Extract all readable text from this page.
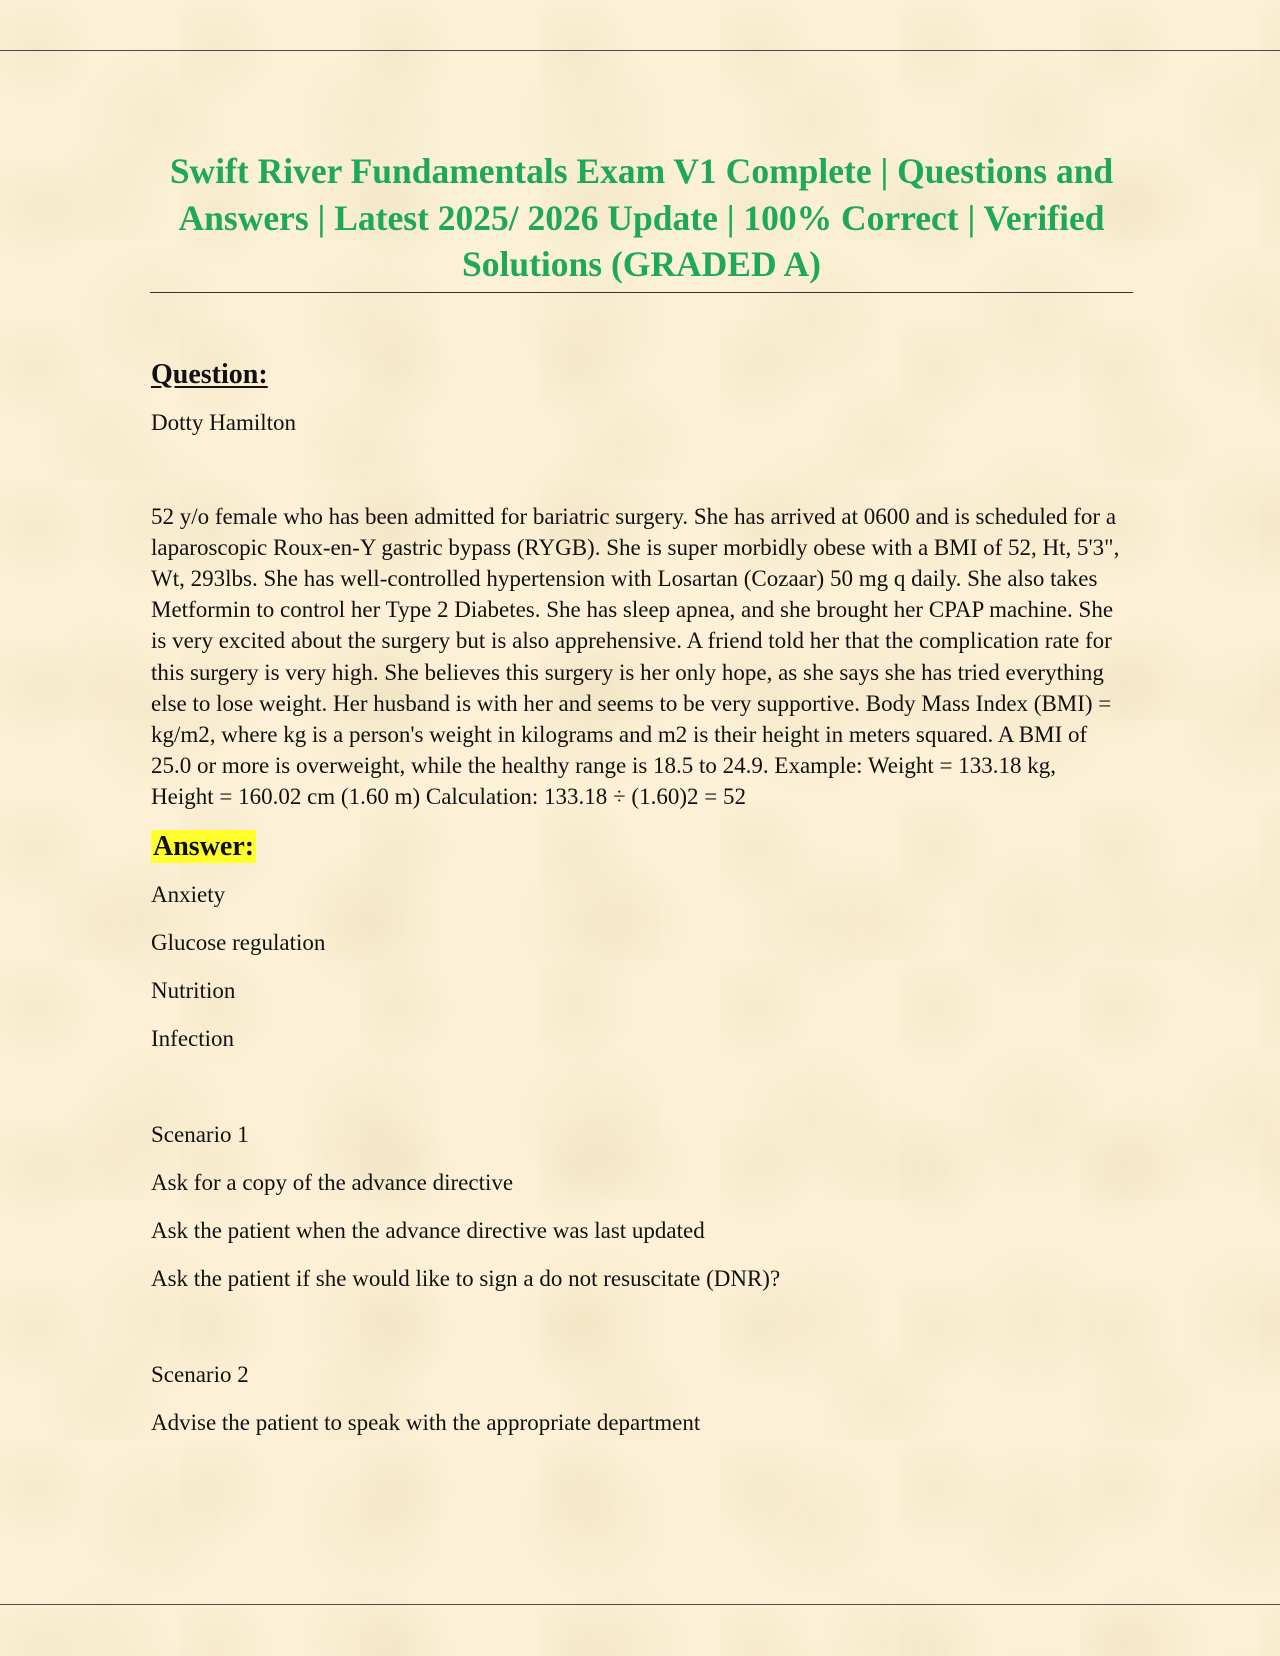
Swift River Fundamentals Exam V1 Complete | Questions and Answers | Latest 2025/ 2026 Update | 100% Correct | Verified Solutions (GRADED A)

Question:

Dotty Hamilton

52 y/o female who has been admitted for bariatric surgery. She has arrived at 0600 and is scheduled for a laparoscopic Roux-en-Y gastric bypass (RYGB). She is super morbidly obese with a BMI of 52, Ht, 5'3", Wt, 293lbs. She has well-controlled hypertension with Losartan (Cozaar) 50 mg q daily. She also takes Metformin to control her Type 2 Diabetes. She has sleep apnea, and she brought her CPAP machine. She is very excited about the surgery but is also apprehensive. A friend told her that the complication rate for this surgery is very high. She believes this surgery is her only hope, as she says she has tried everything else to lose weight. Her husband is with her and seems to be very supportive. Body Mass Index (BMI) = kg/m2, where kg is a person's weight in kilograms and m2 is their height in meters squared. A BMI of 25.0 or more is overweight, while the healthy range is 18.5 to 24.9. Example: Weight = 133.18 kg, Height = 160.02 cm (1.60 m) Calculation: 133.18 ÷ (1.60)2 = 52

Answer:

Anxiety
Glucose regulation
Nutrition
Infection
Scenario 1
Ask for a copy of the advance directive
Ask the patient when the advance directive was last updated
Ask the patient if she would like to sign a do not resuscitate (DNR)?
Scenario 2
Advise the patient to speak with the appropriate department
